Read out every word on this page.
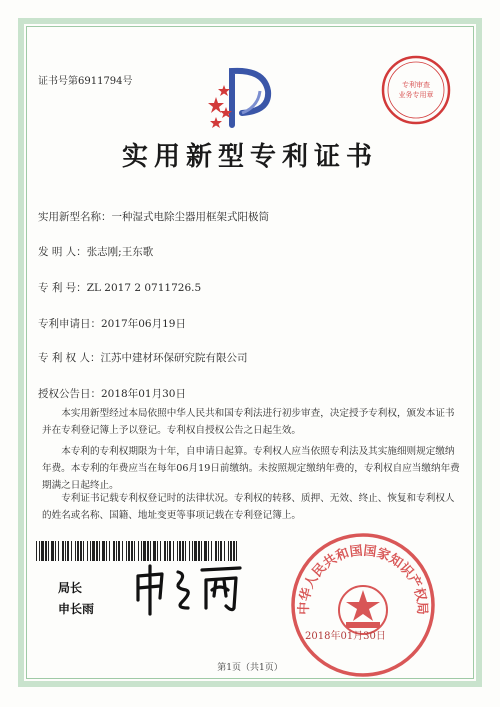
证书号第6911794号	专利审查
业务专用章
实用新型专利证书
实用新型名称：一种湿式电除尘器用框架式阳极筒
发 明 人：张志刚;王东歌
专 利 号：ZL 2017 2 0711726.5
专利申请日：2017年06月19日
专 利 权 人：江苏中建材环保研究院有限公司
授权公告日：2018年01月30日
本实用新型经过本局依照中华人民共和国专利法进行初步审查，决定授予专利权，颁发本证书并在专利登记簿上予以登记。专利权自授权公告之日起生效。
本专利的专利权期限为十年，自申请日起算。专利权人应当依照专利法及其实施细则规定缴纳年费。本专利的年费应当在每年06月19日前缴纳。未按照规定缴纳年费的，专利权自应当缴纳年费期满之日起终止。
专利证书记载专利权登记时的法律状况。专利权的转移、质押、无效、终止、恢复和专利权人的姓名或名称、国籍、地址变更等事项记载在专利登记簿上。
局长
申长雨	中华人民共和国国家知识产权局
2018年01月30日
第1页（共1页）
